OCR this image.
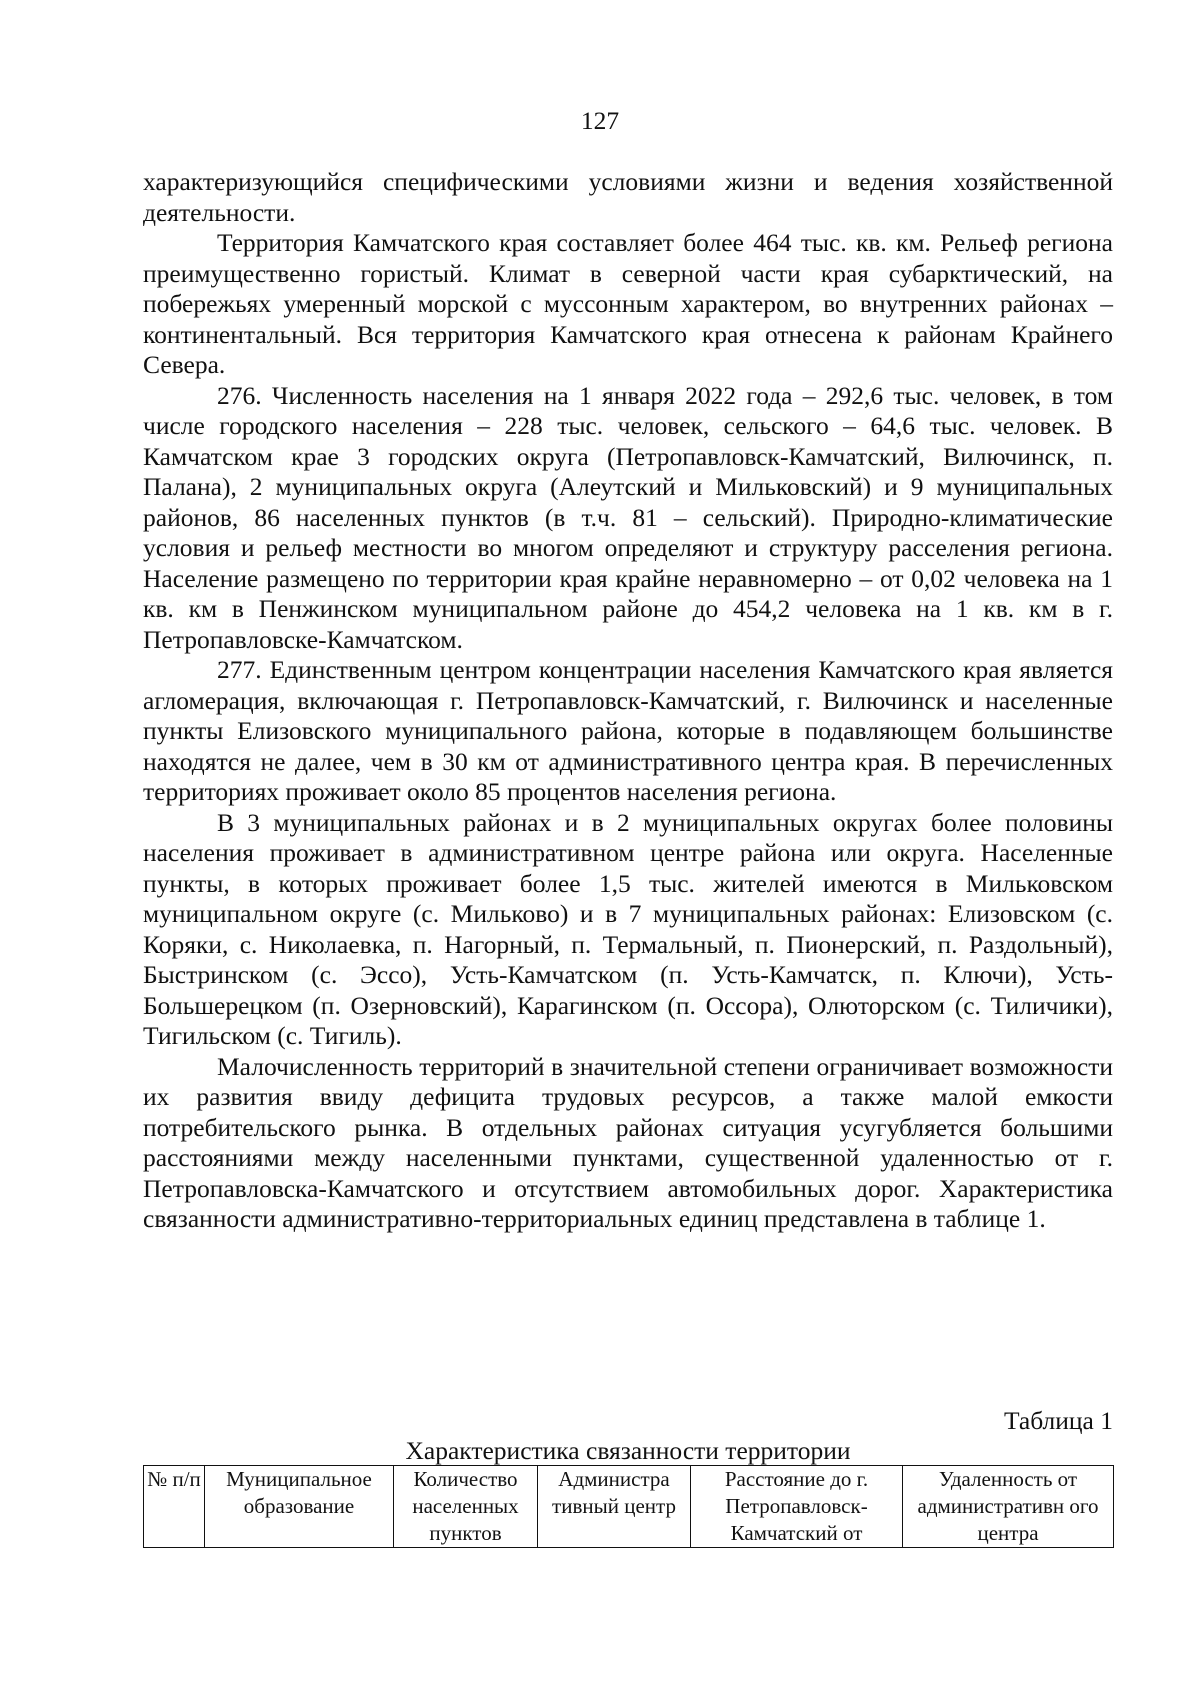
127

характеризующийся специфическими условиями жизни и ведения хозяйственной деятельности.

Территория Камчатского края составляет более 464 тыс. кв. км. Рельеф региона преимущественно гористый. Климат в северной части края субарктический, на побережьях умеренный морской с муссонным характером, во внутренних районах – континентальный. Вся территория Камчатского края отнесена к районам Крайнего Севера.

276. Численность населения на 1 января 2022 года – 292,6 тыс. человек, в том числе городского населения – 228 тыс. человек, сельского – 64,6 тыс. человек. В Камчатском крае 3 городских округа (Петропавловск-Камчатский, Вилючинск, п. Палана), 2 муниципальных округа (Алеутский и Мильковский) и 9 муниципальных районов, 86 населенных пунктов (в т.ч. 81 – сельский). Природно-климатические условия и рельеф местности во многом определяют и структуру расселения региона. Население размещено по территории края крайне неравномерно – от 0,02 человека на 1 кв. км в Пенжинском муниципальном районе до 454,2 человека на 1 кв. км в г. Петропавловске-Камчатском.

277. Единственным центром концентрации населения Камчатского края является агломерация, включающая г. Петропавловск-Камчатский, г. Вилючинск и населенные пункты Елизовского муниципального района, которые в подавляющем большинстве находятся не далее, чем в 30 км от административного центра края. В перечисленных территориях проживает около 85 процентов населения региона.

В 3 муниципальных районах и в 2 муниципальных округах более половины населения проживает в административном центре района или округа. Населенные пункты, в которых проживает более 1,5 тыс. жителей имеются в Мильковском муниципальном округе (с. Мильково) и в 7 муниципальных районах: Елизовском (с. Коряки, с. Николаевка, п. Нагорный, п. Термальный, п. Пионерский, п. Раздольный), Быстринском (с. Эссо), Усть-Камчатском (п. Усть-Камчатск, п. Ключи), Усть-Большерецком (п. Озерновский), Карагинском (п. Оссора), Олюторском (с. Тиличики), Тигильском (с. Тигиль).

Малочисленность территорий в значительной степени ограничивает возможности их развития ввиду дефицита трудовых ресурсов, а также малой емкости потребительского рынка. В отдельных районах ситуация усугубляется большими расстояниями между населенными пунктами, существенной удаленностью от г. Петропавловска-Камчатского и отсутствием автомобильных дорог. Характеристика связанности административно-территориальных единиц представлена в таблице 1.

Таблица 1
Характеристика связанности территории
№ п/п	Муниципальное образование	Количество населенных пунктов	Администра тивный центр	Расстояние до г. Петропавловск- Камчатский от	Удаленность от административн ого центра
